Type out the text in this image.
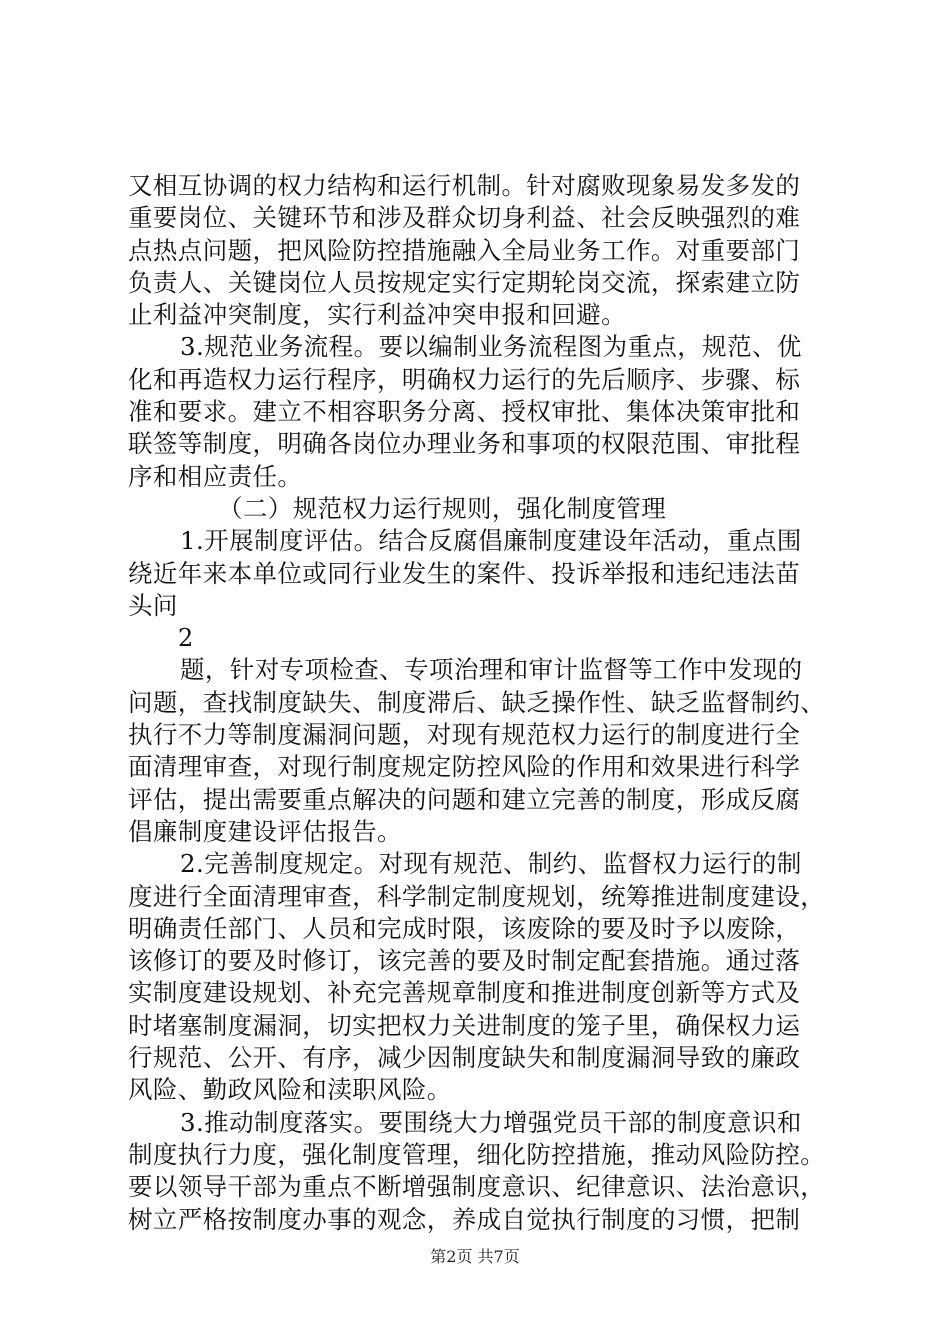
又相互协调的权力结构和运行机制。针对腐败现象易发多发的
重要岗位、关键环节和涉及群众切身利益、社会反映强烈的难
点热点问题，把风险防控措施融入全局业务工作。对重要部门
负责人、关键岗位人员按规定实行定期轮岗交流，探索建立防
止利益冲突制度，实行利益冲突申报和回避。
3.规范业务流程。要以编制业务流程图为重点，规范、优
化和再造权力运行程序，明确权力运行的先后顺序、步骤、标
准和要求。建立不相容职务分离、授权审批、集体决策审批和
联签等制度，明确各岗位办理业务和事项的权限范围、审批程
序和相应责任。
（二）规范权力运行规则，强化制度管理
1.开展制度评估。结合反腐倡廉制度建设年活动，重点围
绕近年来本单位或同行业发生的案件、投诉举报和违纪违法苗
头问
2
题，针对专项检查、专项治理和审计监督等工作中发现的
问题，查找制度缺失、制度滞后、缺乏操作性、缺乏监督制约、
执行不力等制度漏洞问题，对现有规范权力运行的制度进行全
面清理审查，对现行制度规定防控风险的作用和效果进行科学
评估，提出需要重点解决的问题和建立完善的制度，形成反腐
倡廉制度建设评估报告。
2.完善制度规定。对现有规范、制约、监督权力运行的制
度进行全面清理审查，科学制定制度规划，统筹推进制度建设，
明确责任部门、人员和完成时限，该废除的要及时予以废除，
该修订的要及时修订，该完善的要及时制定配套措施。通过落
实制度建设规划、补充完善规章制度和推进制度创新等方式及
时堵塞制度漏洞，切实把权力关进制度的笼子里，确保权力运
行规范、公开、有序，减少因制度缺失和制度漏洞导致的廉政
风险、勤政风险和渎职风险。
3.推动制度落实。要围绕大力增强党员干部的制度意识和
制度执行力度，强化制度管理，细化防控措施，推动风险防控。
要以领导干部为重点不断增强制度意识、纪律意识、法治意识，
树立严格按制度办事的观念，养成自觉执行制度的习惯，把制
第2页 共7页
